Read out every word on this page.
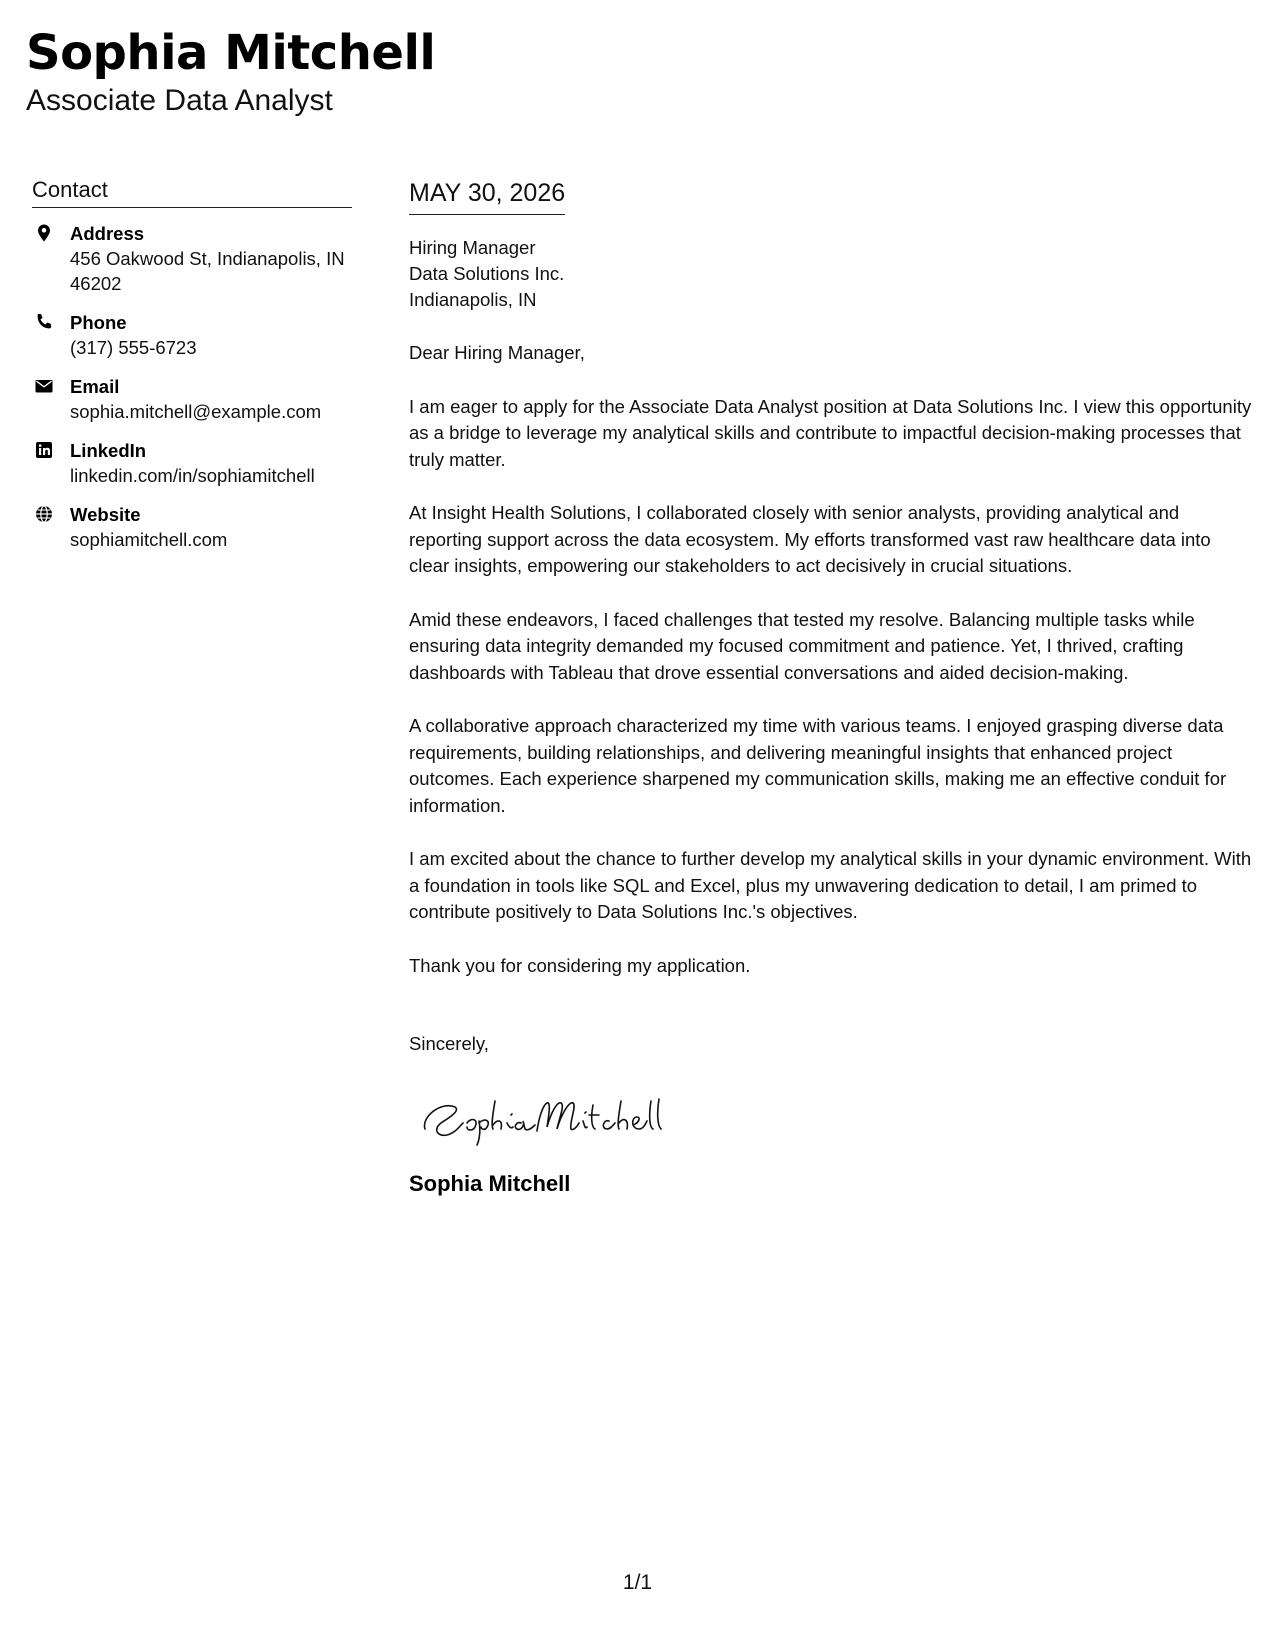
Sophia Mitchell
Associate Data Analyst
Contact
Address
456 Oakwood St, Indianapolis, IN 46202
Phone
(317) 555-6723
Email
sophia.mitchell@example.com
LinkedIn
linkedin.com/in/sophiamitchell
Website
sophiamitchell.com
MAY 30, 2026
Hiring Manager
Data Solutions Inc.
Indianapolis, IN
Dear Hiring Manager,
I am eager to apply for the Associate Data Analyst position at Data Solutions Inc. I view this opportunity as a bridge to leverage my analytical skills and contribute to impactful decision-making processes that truly matter.
At Insight Health Solutions, I collaborated closely with senior analysts, providing analytical and reporting support across the data ecosystem. My efforts transformed vast raw healthcare data into clear insights, empowering our stakeholders to act decisively in crucial situations.
Amid these endeavors, I faced challenges that tested my resolve. Balancing multiple tasks while ensuring data integrity demanded my focused commitment and patience. Yet, I thrived, crafting dashboards with Tableau that drove essential conversations and aided decision-making.
A collaborative approach characterized my time with various teams. I enjoyed grasping diverse data requirements, building relationships, and delivering meaningful insights that enhanced project outcomes. Each experience sharpened my communication skills, making me an effective conduit for information.
I am excited about the chance to further develop my analytical skills in your dynamic environment. With a foundation in tools like SQL and Excel, plus my unwavering dedication to detail, I am primed to contribute positively to Data Solutions Inc.'s objectives.
Thank you for considering my application.
Sincerely,
Sophia Mitchell
1/1
